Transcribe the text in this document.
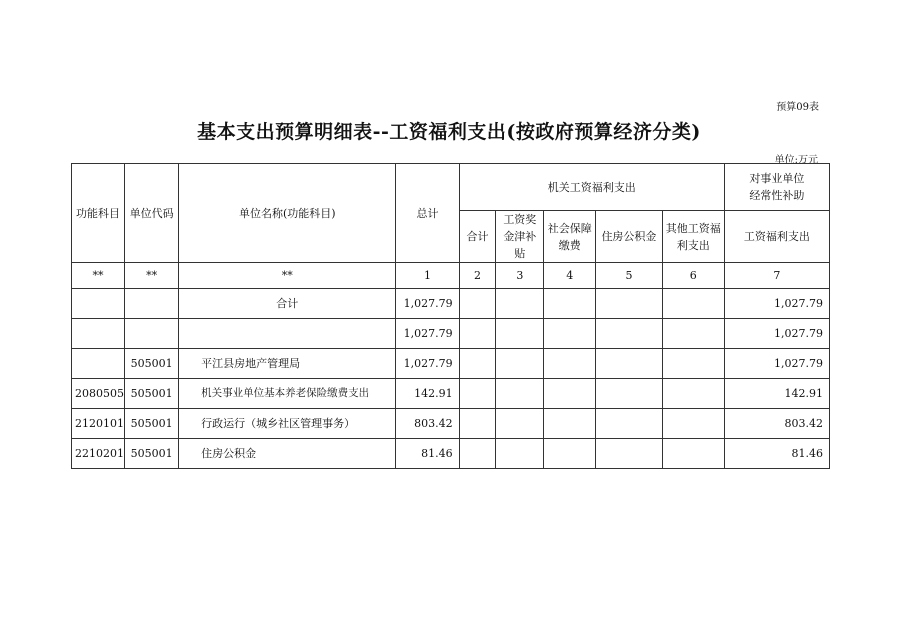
预算09表
基本支出预算明细表--工资福利支出(按政府预算经济分类)
单位:万元
功能科目	单位代码	单位名称(功能科目)	总计	机关工资福利支出					对事业单位
经常性补助

				合计	工资奖金津补贴	社会保障缴费	住房公积金	其他工资福利支出	工资福利支出
**	**	**	1	2	3	4	5	6	7
		合计	1,027.79						1,027.79
			1,027.79						1,027.79
	505001	平江县房地产管理局	1,027.79						1,027.79
2080505	505001	机关事业单位基本养老保险缴费支出	142.91						142.91
2120101	505001	行政运行（城乡社区管理事务）	803.42						803.42
2210201	505001	住房公积金	81.46						81.46
